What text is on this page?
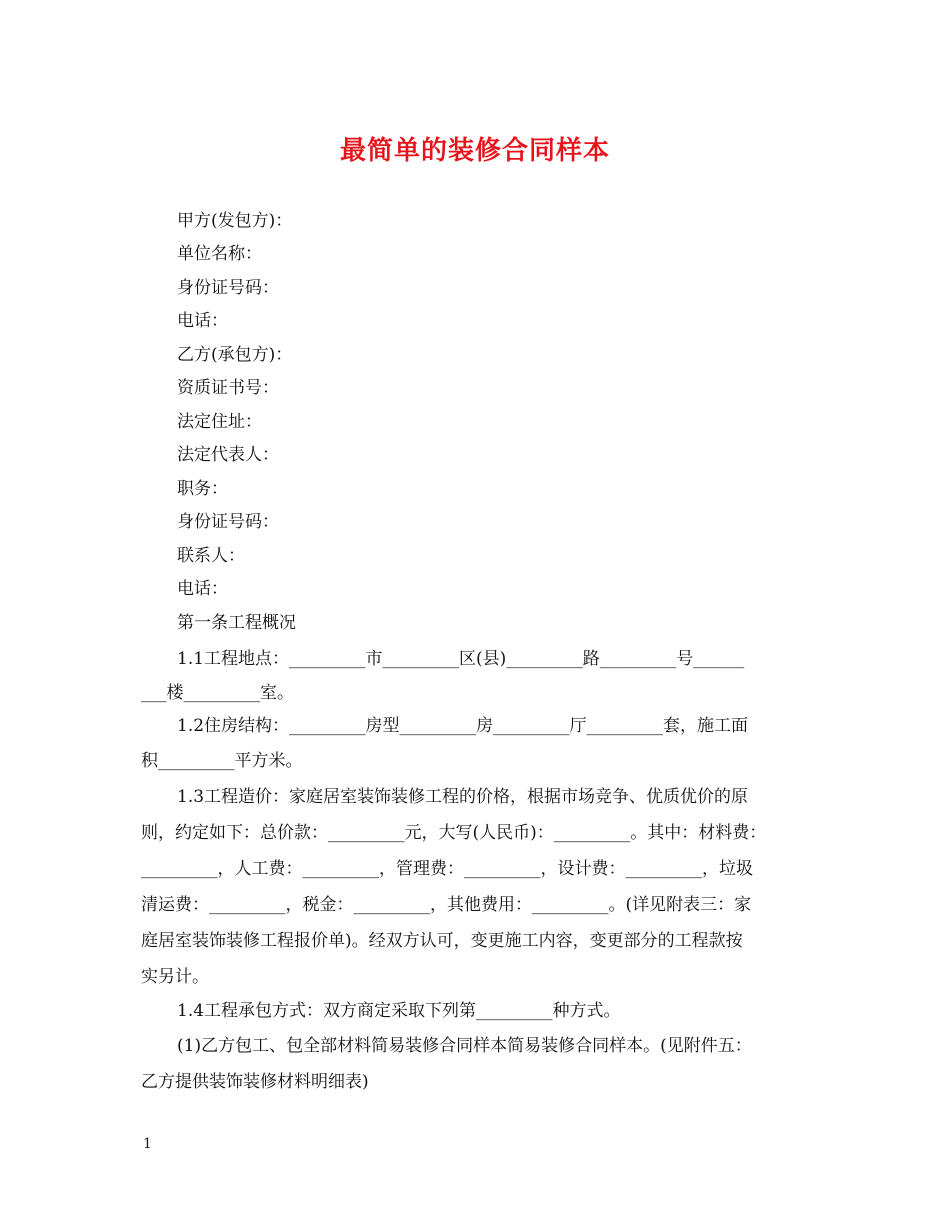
最简单的装修合同样本
甲方(发包方)：
单位名称：
身份证号码：
电话：
乙方(承包方)：
资质证书号：
法定住址：
法定代表人：
职务：
身份证号码：
联系人：
电话：
第一条工程概况
1.1工程地点：_________市_________区(县)_________路_________号______
___楼_________室。
1.2住房结构：_________房型_________房_________厅_________套，施工面
积_________平方米。
1.3工程造价：家庭居室装饰装修工程的价格，根据市场竞争、优质优价的原
则，约定如下：总价款：_________元，大写(人民币)：_________。其中：材料费：
_________，人工费：_________，管理费：_________，设计费：_________，垃圾
清运费：_________，税金：_________，其他费用：_________。(详见附表三：家
庭居室装饰装修工程报价单)。经双方认可，变更施工内容，变更部分的工程款按
实另计。
1.4工程承包方式：双方商定采取下列第_________种方式。
(1)乙方包工、包全部材料简易装修合同样本简易装修合同样本。(见附件五：
乙方提供装饰装修材料明细表)
1
